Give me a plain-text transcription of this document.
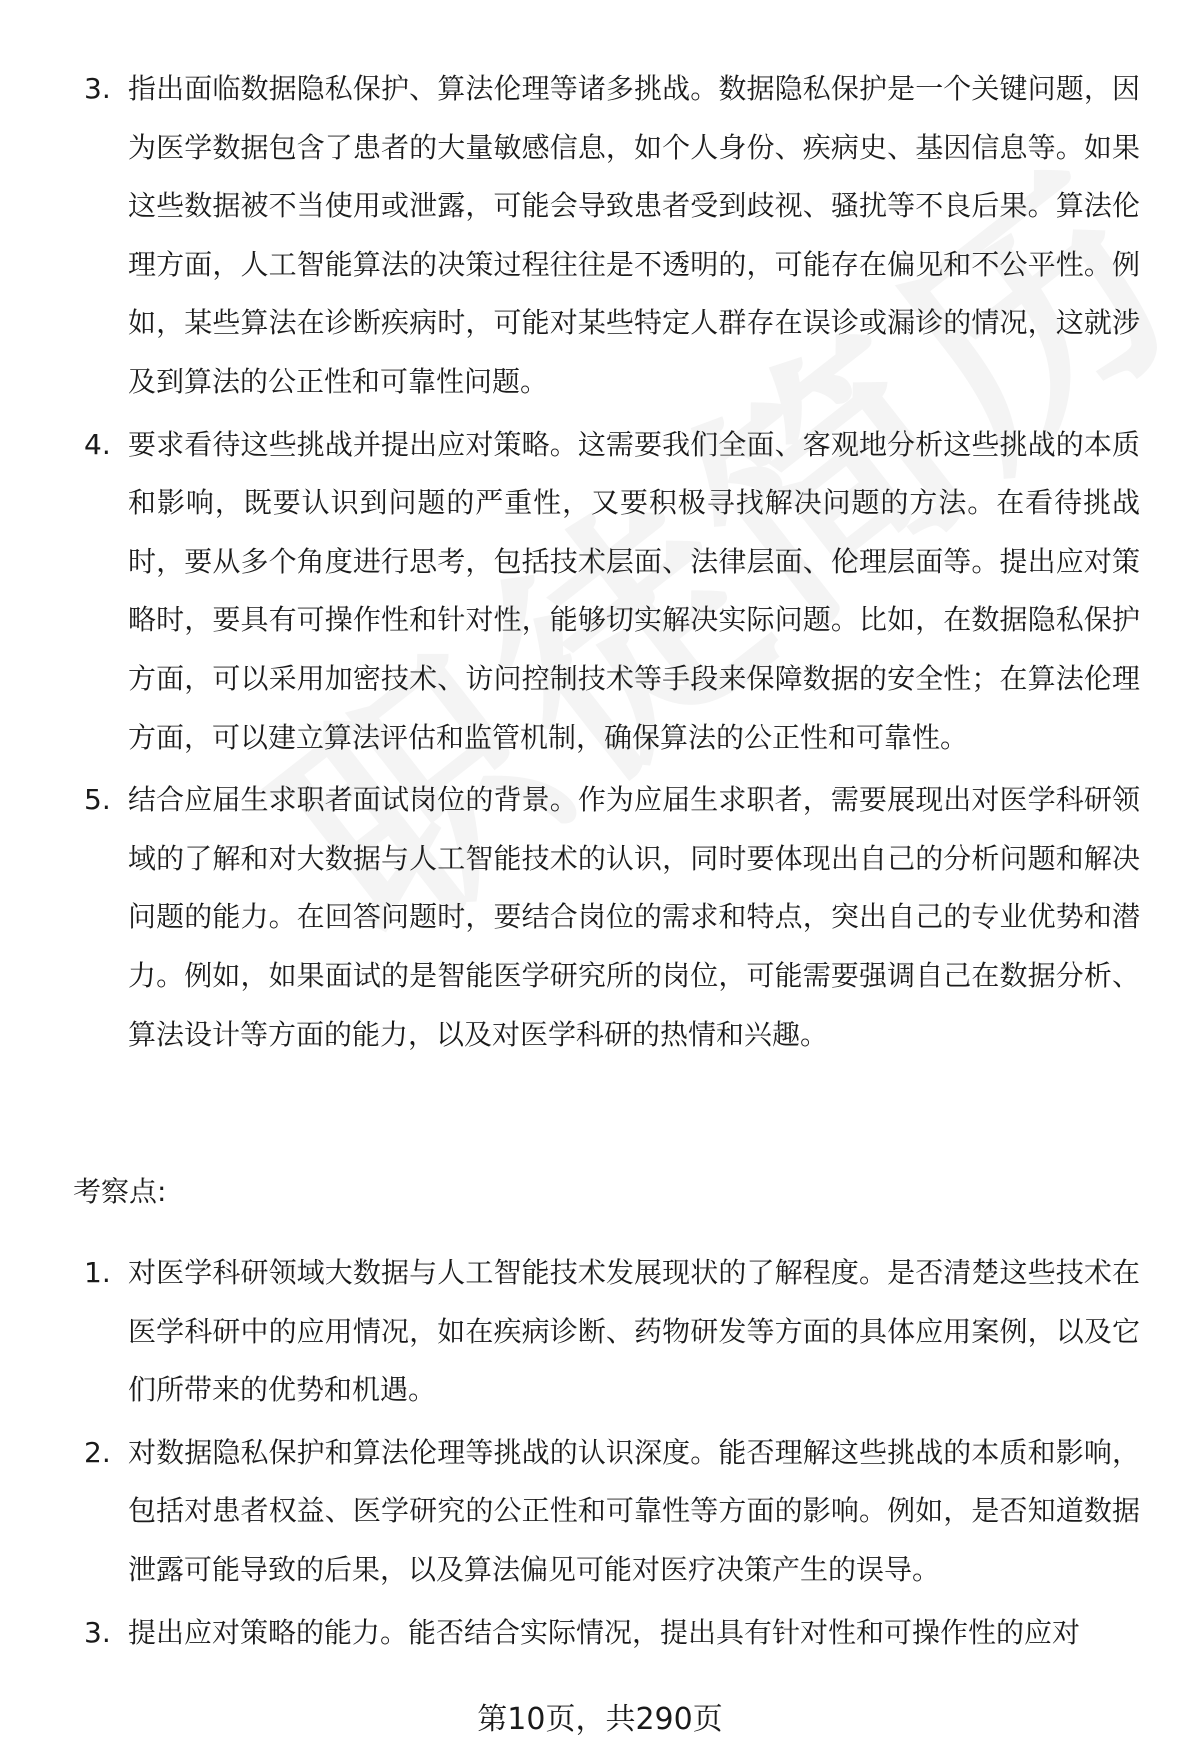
3. 指出面临数据隐私保护、算法伦理等诸多挑战。数据隐私保护是一个关键问题，因为医学数据包含了患者的大量敏感信息，如个人身份、疾病史、基因信息等。如果这些数据被不当使用或泄露，可能会导致患者受到歧视、骚扰等不良后果。算法伦理方面，人工智能算法的决策过程往往是不透明的，可能存在偏见和不公平性。例如，某些算法在诊断疾病时，可能对某些特定人群存在误诊或漏诊的情况，这就涉及到算法的公正性和可靠性问题。
4. 要求看待这些挑战并提出应对策略。这需要我们全面、客观地分析这些挑战的本质和影响，既要认识到问题的严重性，又要积极寻找解决问题的方法。在看待挑战时，要从多个角度进行思考，包括技术层面、法律层面、伦理层面等。提出应对策略时，要具有可操作性和针对性，能够切实解决实际问题。比如，在数据隐私保护方面，可以采用加密技术、访问控制技术等手段来保障数据的安全性；在算法伦理方面，可以建立算法评估和监管机制，确保算法的公正性和可靠性。
5. 结合应届生求职者面试岗位的背景。作为应届生求职者，需要展现出对医学科研领域的了解和对大数据与人工智能技术的认识，同时要体现出自己的分析问题和解决问题的能力。在回答问题时，要结合岗位的需求和特点，突出自己的专业优势和潜力。例如，如果面试的是智能医学研究所的岗位，可能需要强调自己在数据分析、算法设计等方面的能力，以及对医学科研的热情和兴趣。
考察点:
1. 对医学科研领域大数据与人工智能技术发展现状的了解程度。是否清楚这些技术在医学科研中的应用情况，如在疾病诊断、药物研发等方面的具体应用案例，以及它们所带来的优势和机遇。
2. 对数据隐私保护和算法伦理等挑战的认识深度。能否理解这些挑战的本质和影响，包括对患者权益、医学研究的公正性和可靠性等方面的影响。例如，是否知道数据泄露可能导致的后果，以及算法偏见可能对医疗决策产生的误导。
3. 提出应对策略的能力。能否结合实际情况，提出具有针对性和可操作性的应对
第10页，共290页
